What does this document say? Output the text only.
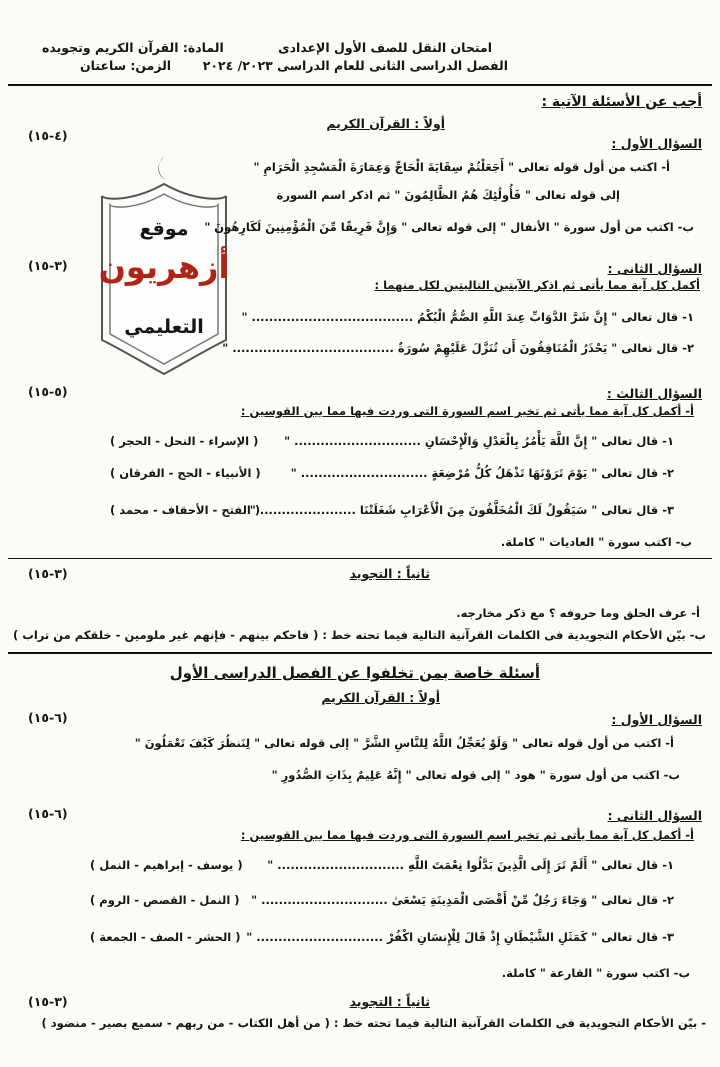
امتحان النقل للصف الأول الإعدادى
الفصل الدراسى الثانى للعام الدراسى ٢٠٢٣/ ٢٠٢٤
المادة: القرآن الكريم وتجويده
الزمن: ساعتان
موقع
أزهريون
التعليمي
أجب عن الأسئلة الآتية :
أولاً : القرآن الكريم
السؤال الأول :
(٤-١٥)
أ- اكتب من أول قوله تعالى " أَجَعَلْتُمْ سِقَايَةَ الْحَاجِّ وَعِمَارَةَ الْمَسْجِدِ الْحَرَامِ "
إلى قوله تعالى " فَأُولَٰئِكَ هُمُ الظَّالِمُونَ " ثم اذكر اسم السورة
ب- اكتب من أول سورة " الأنفال " إلى قوله تعالى " وَإِنَّ فَرِيقًا مِّنَ الْمُؤْمِنِينَ لَكَارِهُونَ "
السؤال الثانى :
(٣-١٥)
أكمل كل آية مما يأتى ثم اذكر الآيتين التاليتين لكل منهما :
١- قال تعالى " إِنَّ شَرَّ الدَّوَابِّ عِندَ اللَّهِ الصُّمُّ الْبُكْمُ ..................................... "
٢- قال تعالى " يَحْذَرُ الْمُنَافِقُونَ أَن تُنَزَّلَ عَلَيْهِمْ سُورَةٌ ..................................... "
السؤال الثالث :
(٥-١٥)
أ- أكمل كل آية مما يأتى ثم تخير اسم السورة التى وردت فيها مما بين القوسين :
١- قال تعالى " إِنَّ اللَّهَ يَأْمُرُ بِالْعَدْلِ وَالْإِحْسَانِ ............................. "
( الإسراء - النحل - الحجر )
٢- قال تعالى " يَوْمَ تَرَوْنَهَا تَذْهَلُ كُلُّ مُرْضِعَةٍ ............................. "
( الأنبياء - الحج - الفرقان )
٣- قال تعالى " سَيَقُولُ لَكَ الْمُخَلَّفُونَ مِنَ الْأَعْرَابِ شَغَلَتْنَا ...................... "
( الفتح - الأحقاف - محمد )
ب- اكتب سورة " العاديات " كاملة.
ثانياً : التجويد
(٣-١٥)
أ- عرف الحلق وما حروفه ؟ مع ذكر مخارجه.
ب- بيّن الأحكام التجويدية فى الكلمات القرآنية التالية فيما تحته خط : ( فاحكم بينهم - فإنهم غير ملومين - خلقكم من تراب )
أسئلة خاصة بمن تخلفوا عن الفصل الدراسى الأول
أولاً : القرآن الكريم
السؤال الأول :
(٦-١٥)
أ- اكتب من أول قوله تعالى " وَلَوْ يُعَجِّلُ اللَّهُ لِلنَّاسِ الشَّرَّ " إلى قوله تعالى " لِنَنظُرَ كَيْفَ تَعْمَلُونَ "
ب- اكتب من أول سورة " هود " إلى قوله تعالى " إِنَّهُ عَلِيمٌ بِذَاتِ الصُّدُورِ "
السؤال الثانى :
(٦-١٥)
أ- أكمل كل آية مما يأتى ثم تخير اسم السورة التى وردت فيها مما بين القوسين :
١- قال تعالى " أَلَمْ تَرَ إِلَى الَّذِينَ بَدَّلُوا نِعْمَتَ اللَّهِ ............................. "
( يوسف - إبراهيم - النمل )
٢- قال تعالى " وَجَاءَ رَجُلٌ مِّنْ أَقْصَى الْمَدِينَةِ يَسْعَىٰ ............................. "
( النمل - القصص - الروم )
٣- قال تعالى " كَمَثَلِ الشَّيْطَانِ إِذْ قَالَ لِلْإِنسَانِ اكْفُرْ ............................. "
( الحشر - الصف - الجمعة )
ب- اكتب سورة " القارعة " كاملة.
ثانياً : التجويد
(٣-١٥)
- بيّن الأحكام التجويدية فى الكلمات القرآنية التالية فيما تحته خط : ( من أهل الكتاب - من ربهم - سميع بصير - منضود )
